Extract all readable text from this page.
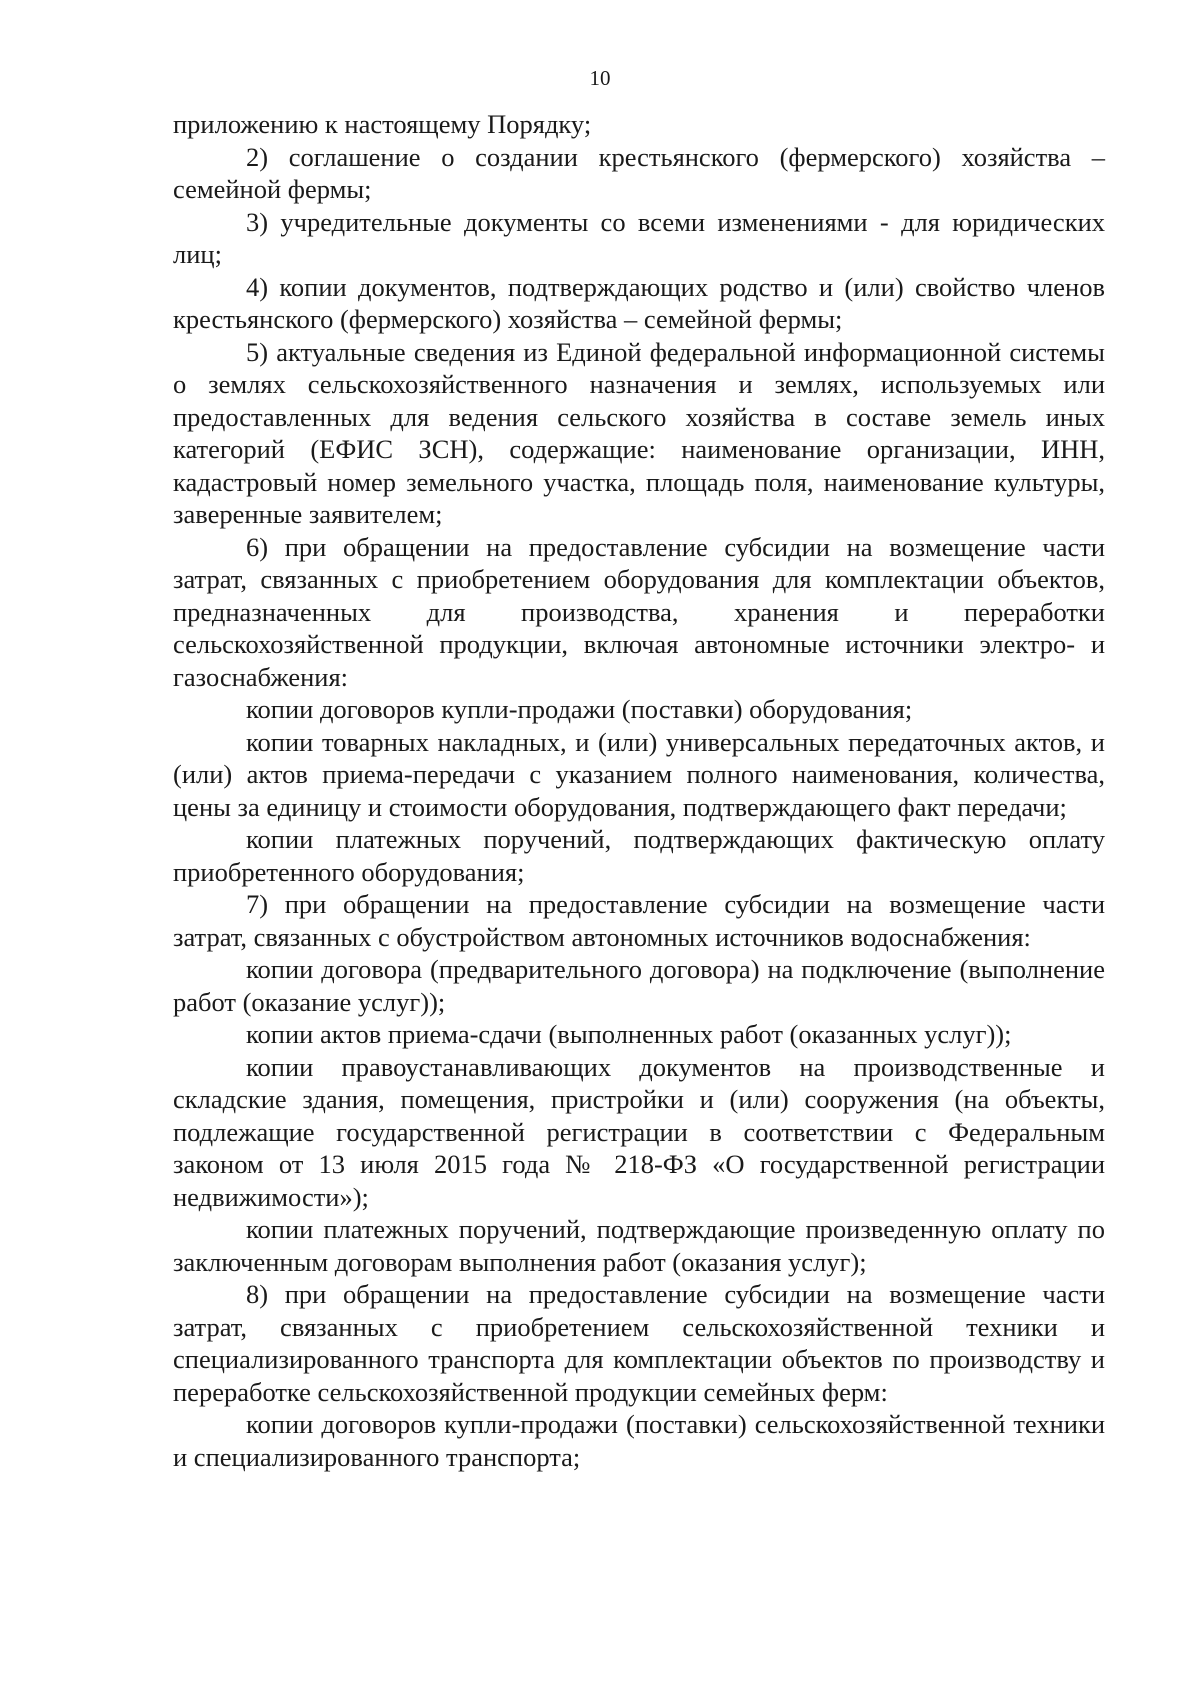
10

приложению к настоящему Порядку;

2) соглашение о создании крестьянского (фермерского) хозяйства – семейной фермы;

3) учредительные документы со всеми изменениями - для юридических лиц;

4) копии документов, подтверждающих родство и (или) свойство членов крестьянского (фермерского) хозяйства – семейной фермы;

5) актуальные сведения из Единой федеральной информационной системы о землях сельскохозяйственного назначения и землях, используемых или предоставленных для ведения сельского хозяйства в составе земель иных категорий (ЕФИС ЗСН), содержащие: наименование организации, ИНН, кадастровый номер земельного участка, площадь поля, наименование культуры, заверенные заявителем;

6) при обращении на предоставление субсидии на возмещение части затрат, связанных с приобретением оборудования для комплектации объектов, предназначенных для производства, хранения и переработки сельскохозяйственной продукции, включая автономные источники электро- и газоснабжения:

копии договоров купли-продажи (поставки) оборудования;

копии товарных накладных, и (или) универсальных передаточных актов, и (или) актов приема-передачи с указанием полного наименования, количества, цены за единицу и стоимости оборудования, подтверждающего факт передачи;

копии платежных поручений, подтверждающих фактическую оплату приобретенного оборудования;

7) при обращении на предоставление субсидии на возмещение части затрат, связанных с обустройством автономных источников водоснабжения:

копии договора (предварительного договора) на подключение (выполнение работ (оказание услуг));

копии актов приема-сдачи (выполненных работ (оказанных услуг));

копии правоустанавливающих документов на производственные и складские здания, помещения, пристройки и (или) сооружения (на объекты, подлежащие государственной регистрации в соответствии с Федеральным законом от 13 июля 2015 года № 218-ФЗ «О государственной регистрации недвижимости»);

копии платежных поручений, подтверждающие произведенную оплату по заключенным договорам выполнения работ (оказания услуг);

8) при обращении на предоставление субсидии на возмещение части затрат, связанных с приобретением сельскохозяйственной техники и специализированного транспорта для комплектации объектов по производству и переработке сельскохозяйственной продукции семейных ферм:

копии договоров купли-продажи (поставки) сельскохозяйственной техники и специализированного транспорта;
